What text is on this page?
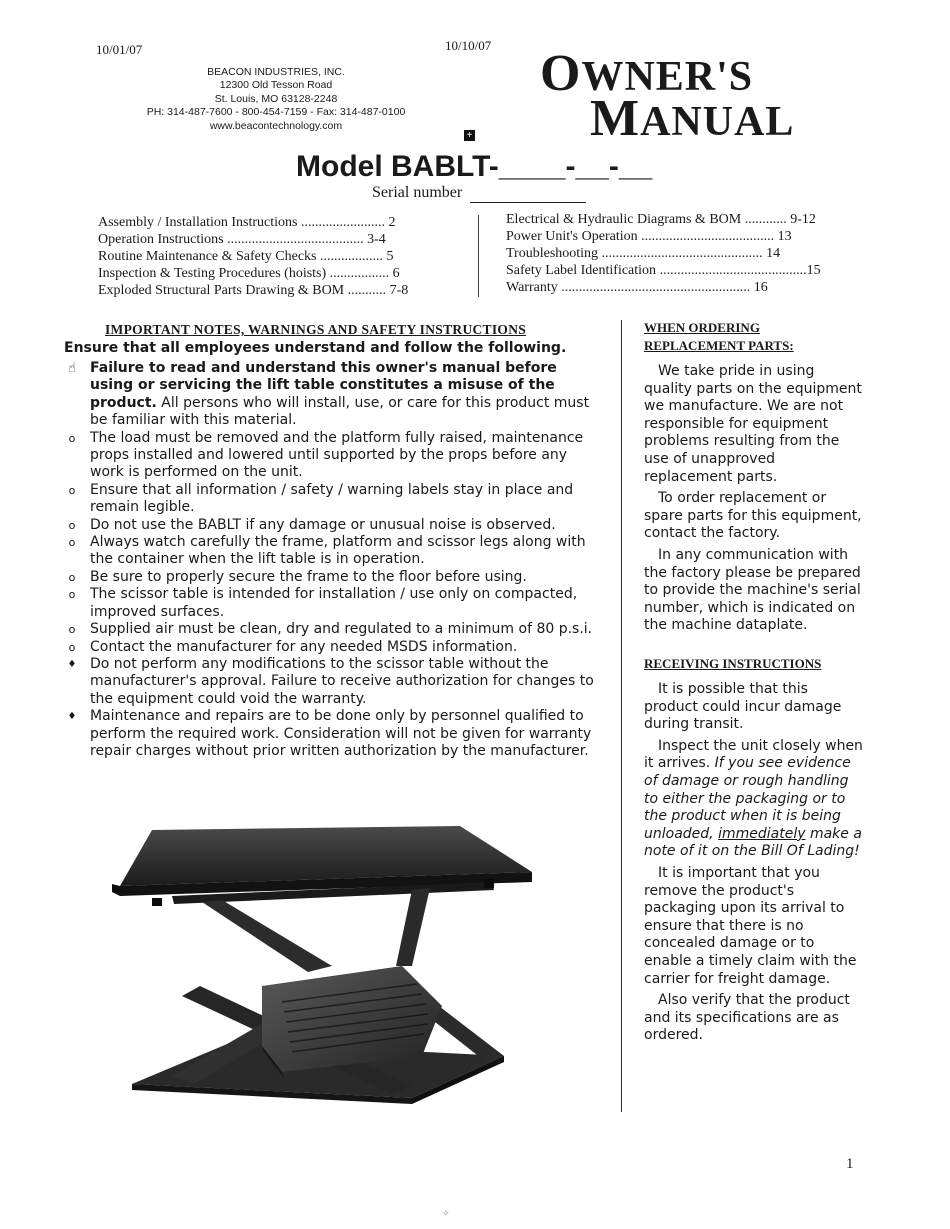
10/01/07	10/10/07
BEACON INDUSTRIES, INC.
12300 Old Tesson Road
St. Louis, MO 63128-2248
PH: 314-487-7600 - 800-454-7159 - Fax: 314-487-0100
www.beacontechnology.com
OWNER'S
MANUAL
+
Model BABLT-____-__-__
Serial number
Assembly / Installation Instructions ........................ 2
Operation Instructions ....................................... 3-4
Routine Maintenance & Safety Checks .................. 5
Inspection & Testing Procedures (hoists) ................. 6
Exploded Structural Parts Drawing & BOM ........... 7-8
Electrical & Hydraulic Diagrams & BOM ............ 9-12
Power Unit's Operation ...................................... 13
Troubleshooting .............................................. 14
Safety Label Identification ..........................................15
Warranty ...................................................... 16
IMPORTANT NOTES, WARNINGS AND SAFETY INSTRUCTIONS
Ensure that all employees understand and follow the following.
☝ Failure to read and understand this owner's manual before using or servicing the lift table constitutes a misuse of the product. All persons who will install, use, or care for this product must be familiar with this material.
o	The load must be removed and the platform fully raised, maintenance props installed and lowered until supported by the props before any work is performed on the unit.
o	Ensure that all information / safety / warning labels stay in place and remain legible.
o	Do not use the BABLT if any damage or unusual noise is observed.
o	Always watch carefully the frame, platform and scissor legs along with the container when the lift table is in operation.
o	Be sure to properly secure the frame to the floor before using.
o	The scissor table is intended for installation / use only on compacted, improved surfaces.
o	Supplied air must be clean, dry and regulated to a minimum of 80 p.s.i.
o	Contact the manufacturer for any needed MSDS information.
♦ Do not perform any modifications to the scissor table without the manufacturer's approval. Failure to receive authorization for changes to the equipment could void the warranty.
♦ Maintenance and repairs are to be done only by personnel qualified to perform the required work. Consideration will not be given for warranty repair charges without prior written authorization by the manufacturer.
WHEN ORDERING
REPLACEMENT PARTS:

We take pride in using quality parts on the equipment we manufacture. We are not responsible for equipment problems resulting from the use of unapproved replacement parts.

To order replacement or spare parts for this equipment, contact the factory.

In any communication with the factory please be prepared to provide the machine's serial number, which is indicated on the machine dataplate.

RECEIVING INSTRUCTIONS

It is possible that this product could incur damage during transit.

Inspect the unit closely when it arrives. If you see evidence of damage or rough handling to either the packaging or to the product when it is being unloaded, immediately make a note of it on the Bill Of Lading!

It is important that you remove the product's packaging upon its arrival to ensure that there is no concealed damage or to enable a timely claim with the carrier for freight damage.

Also verify that the product and its specifications are as ordered.

1
✧
